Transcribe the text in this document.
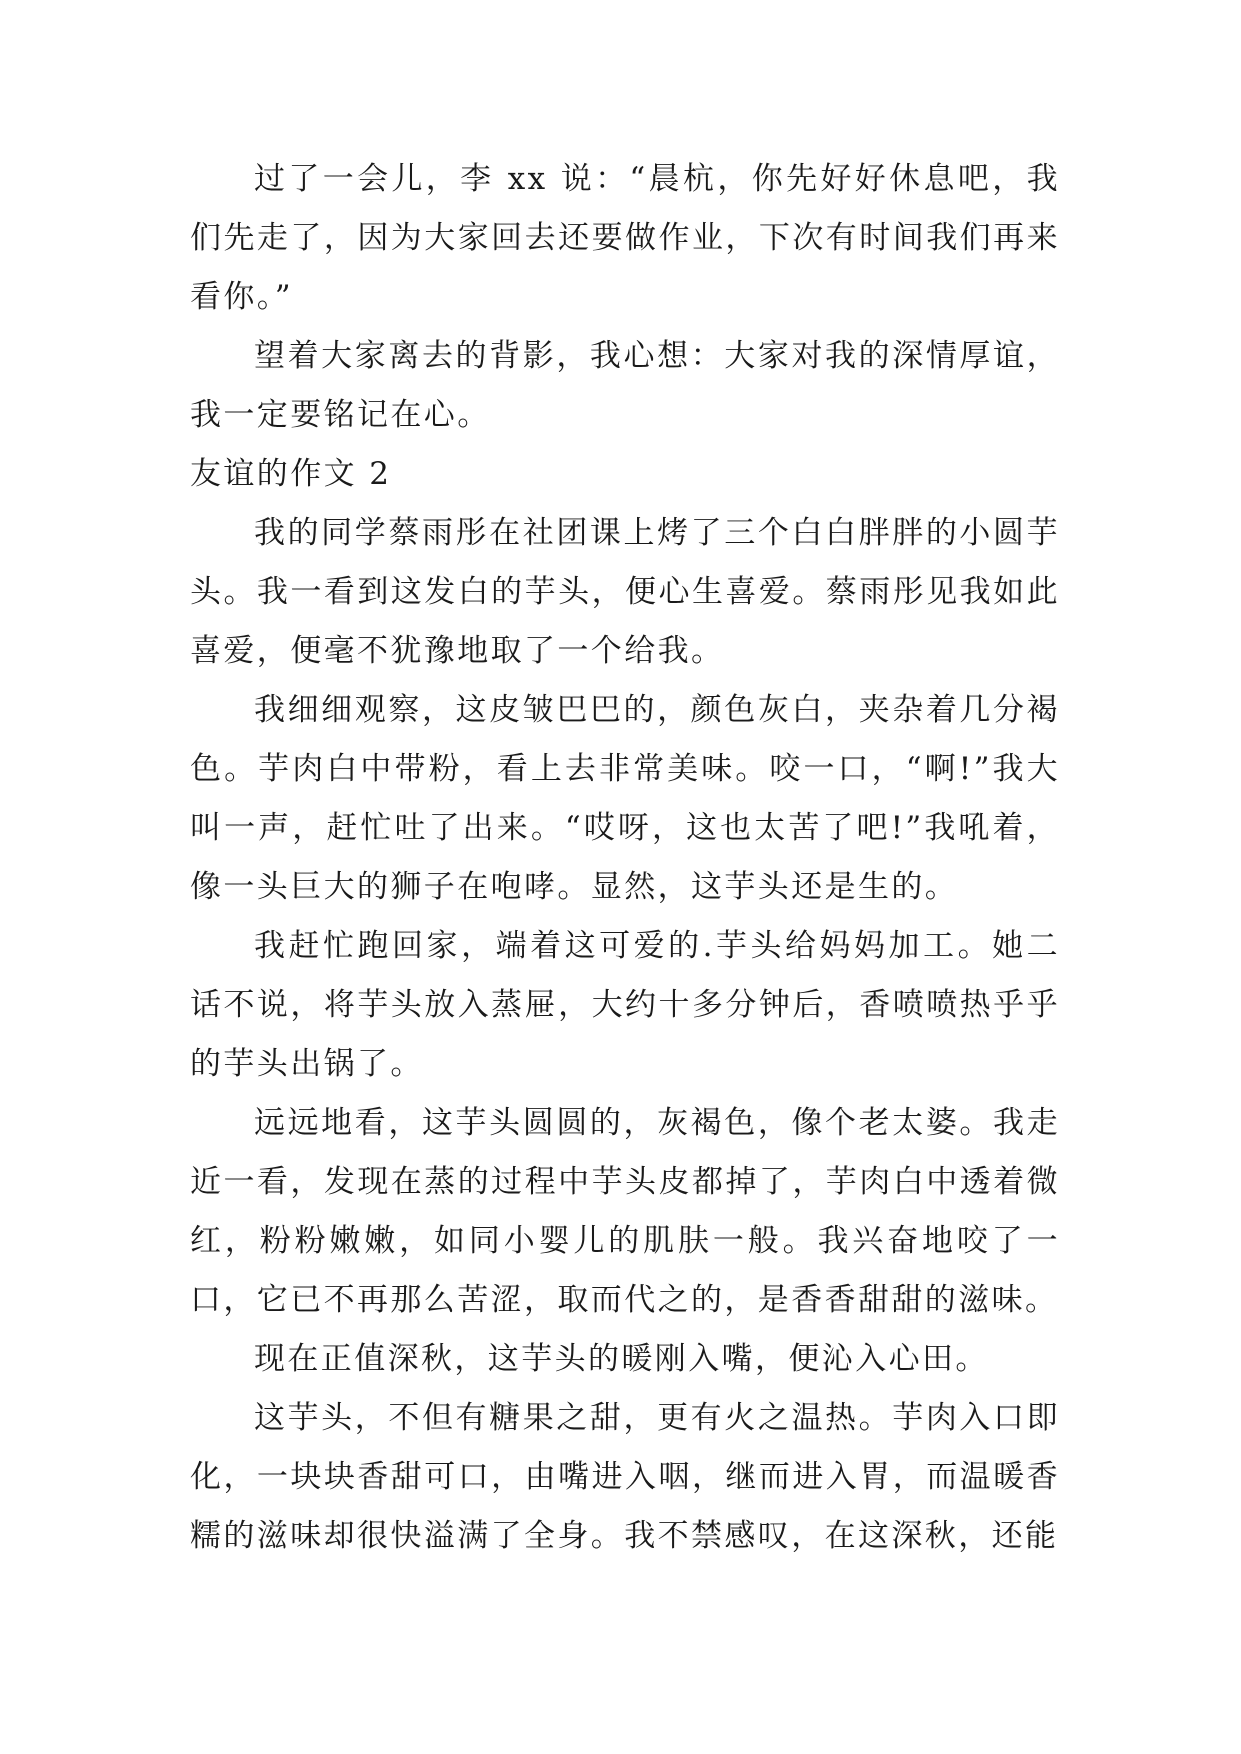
过了一会儿，李 xx 说：“晨杭，你先好好休息吧，我们先走了，因为大家回去还要做作业，下次有时间我们再来看你。”

望着大家离去的背影，我心想：大家对我的深情厚谊，我一定要铭记在心。

友谊的作文 2

我的同学蔡雨彤在社团课上烤了三个白白胖胖的小圆芋头。我一看到这发白的芋头，便心生喜爱。蔡雨彤见我如此喜爱，便毫不犹豫地取了一个给我。

我细细观察，这皮皱巴巴的，颜色灰白，夹杂着几分褐色。芋肉白中带粉，看上去非常美味。咬一口，“啊!”我大叫一声，赶忙吐了出来。“哎呀，这也太苦了吧!”我吼着，像一头巨大的狮子在咆哮。显然，这芋头还是生的。

我赶忙跑回家，端着这可爱的.芋头给妈妈加工。她二话不说，将芋头放入蒸屉，大约十多分钟后，香喷喷热乎乎的芋头出锅了。

远远地看，这芋头圆圆的，灰褐色，像个老太婆。我走近一看，发现在蒸的过程中芋头皮都掉了，芋肉白中透着微红，粉粉嫩嫩，如同小婴儿的肌肤一般。我兴奋地咬了一口，它已不再那么苦涩，取而代之的，是香香甜甜的滋味。

现在正值深秋，这芋头的暖刚入嘴，便沁入心田。

这芋头，不但有糖果之甜，更有火之温热。芋肉入口即化，一块块香甜可口，由嘴进入咽，继而进入胃，而温暖香糯的滋味却很快溢满了全身。我不禁感叹，在这深秋，还能
